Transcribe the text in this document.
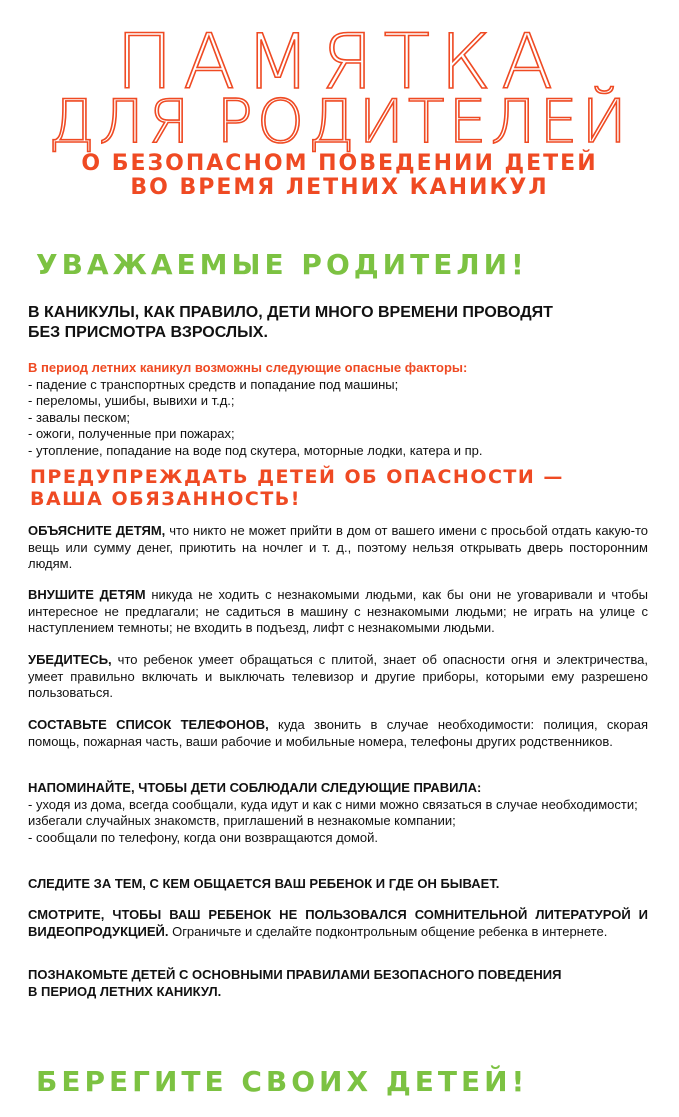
ПАМЯТКА
ДЛЯ РОДИТЕЛЕЙ

О БЕЗОПАСНОМ ПОВЕДЕНИИ ДЕТЕЙ

ВО ВРЕМЯ ЛЕТНИХ КАНИКУЛ

УВАЖАЕМЫЕ РОДИТЕЛИ!

В КАНИКУЛЫ, КАК ПРАВИЛО, ДЕТИ МНОГО ВРЕМЕНИ ПРОВОДЯТ
БЕЗ ПРИСМОТРА ВЗРОСЛЫХ.

В период летних каникул возможны следующие опасные факторы:
- падение с транспортных средств и попадание под машины;
- переломы, ушибы, вывихи и т.д.;
- завалы песком;
- ожоги, полученные при пожарах;
- утопление, попадание на воде под скутера, моторные лодки, катера и пр.
ПРЕДУПРЕЖДАТЬ ДЕТЕЙ ОБ ОПАСНОСТИ —
ВАША ОБЯЗАННОСТЬ!

ОБЪЯСНИТЕ ДЕТЯМ, что никто не может прийти в дом от вашего имени с просьбой отдать какую-то вещь или сумму денег, приютить на ночлег и т. д., поэтому нельзя открывать дверь посторонним людям.

ВНУШИТЕ ДЕТЯМ никуда не ходить с незнакомыми людьми, как бы они не уговаривали и чтобы интересное не предлагали; не садиться в машину с незнакомыми людьми; не играть на улице с наступлением темноты; не входить в подъезд, лифт с незнакомыми людьми.

УБЕДИТЕСЬ, что ребенок умеет обращаться с плитой, знает об опасности огня и электричества, умеет правильно включать и выключать телевизор и другие приборы, которыми ему разрешено пользоваться.

СОСТАВЬТЕ СПИСОК ТЕЛЕФОНОВ, куда звонить в случае необходимости: полиция, скорая помощь, пожарная часть, ваши рабочие и мобильные номера, телефоны других родственников.

НАПОМИНАЙТЕ, ЧТОБЫ ДЕТИ СОБЛЮДАЛИ СЛЕДУЮЩИЕ ПРАВИЛА:
- уходя из дома, всегда сообщали, куда идут и как с ними можно связаться в случае необходимости;
избегали случайных знакомств, приглашений в незнакомые компании;
- сообщали по телефону, когда они возвращаются домой.

СЛЕДИТЕ ЗА ТЕМ, С КЕМ ОБЩАЕТСЯ ВАШ РЕБЕНОК И ГДЕ ОН БЫВАЕТ.

СМОТРИТЕ, ЧТОБЫ ВАШ РЕБЕНОК НЕ ПОЛЬЗОВАЛСЯ СОМНИТЕЛЬНОЙ ЛИТЕРАТУРОЙ И ВИДЕОПРОДУКЦИЕЙ. Ограничьте и сделайте подконтрольным общение ребенка в интернете.

ПОЗНАКОМЬТЕ ДЕТЕЙ С ОСНОВНЫМИ ПРАВИЛАМИ БЕЗОПАСНОГО ПОВЕДЕНИЯ
В ПЕРИОД ЛЕТНИХ КАНИКУЛ.

БЕРЕГИТЕ СВОИХ ДЕТЕЙ!
